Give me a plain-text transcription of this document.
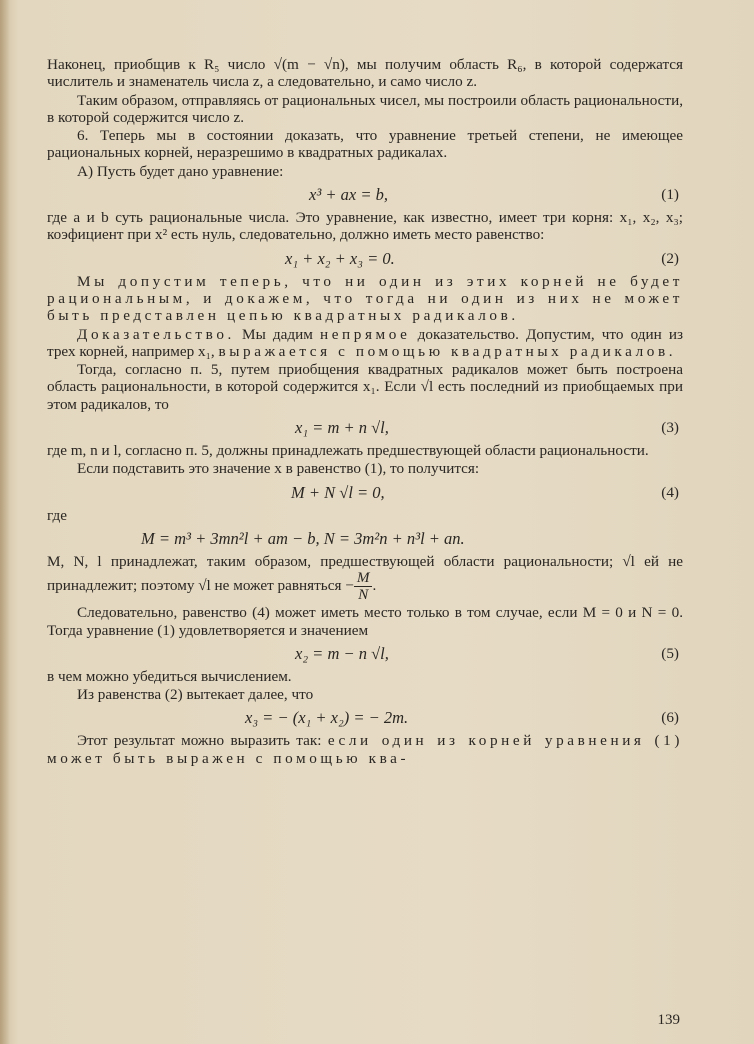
Наконец, приобщив к R₅ число √(m − √n), мы получим область R₆, в которой содержатся числитель и знаменатель числа z, а следовательно, и само число z.

Таким образом, отправляясь от рациональных чисел, мы построили область рациональности, в которой содержится число z.

6. Теперь мы в состоянии доказать, что уравнение третьей степени, не имеющее рациональных корней, неразрешимо в квадратных радикалах.

A) Пусть будет дано уравнение:

x³ + ax = b,	(1)

где a и b суть рациональные числа. Это уравнение, как известно, имеет три корня: x₁, x₂, x₃; коэфициент при x² есть нуль, следовательно, должно иметь место равенство:

x₁ + x₂ + x₃ = 0.	(2)

Мы допустим теперь, что ни один из этих корней не будет рациональным, и докажем, что тогда ни один из них не может быть представлен цепью квадратных радикалов.

Доказательство. Мы дадим непрямое доказательство. Допустим, что один из трех корней, например x₁, выражается с помощью квадратных радикалов.

Тогда, согласно п. 5, путем приобщения квадратных радикалов может быть построена область рациональности, в которой содержится x₁. Если √l есть последний из приобщаемых при этом радикалов, то

x₁ = m + n √l,	(3)

где m, n и l, согласно п. 5, должны принадлежать предшествующей области рациональности.

Если подставить это значение x в равенство (1), то получится:

M + N √l = 0,	(4)

где

M = m³ + 3mn²l + am − b, N = 3m²n + n³l + an.

M, N, l принадлежат, таким образом, предшествующей области рациональности; √l ей не принадлежит; поэтому √l не может равняться − $\frac{M}{N}$ .

Следовательно, равенство (4) может иметь место только в том случае, если M = 0 и N = 0. Тогда уравнение (1) удовлетворяется и значением

x₂ = m − n √l,	(5)

в чем можно убедиться вычислением.

Из равенства (2) вытекает далее, что

x₃ = − (x₁ + x₂) = − 2m.	(6)

Этот результат можно выразить так: если один из корней уравнения (1) может быть выражен с помощью ква-

139
